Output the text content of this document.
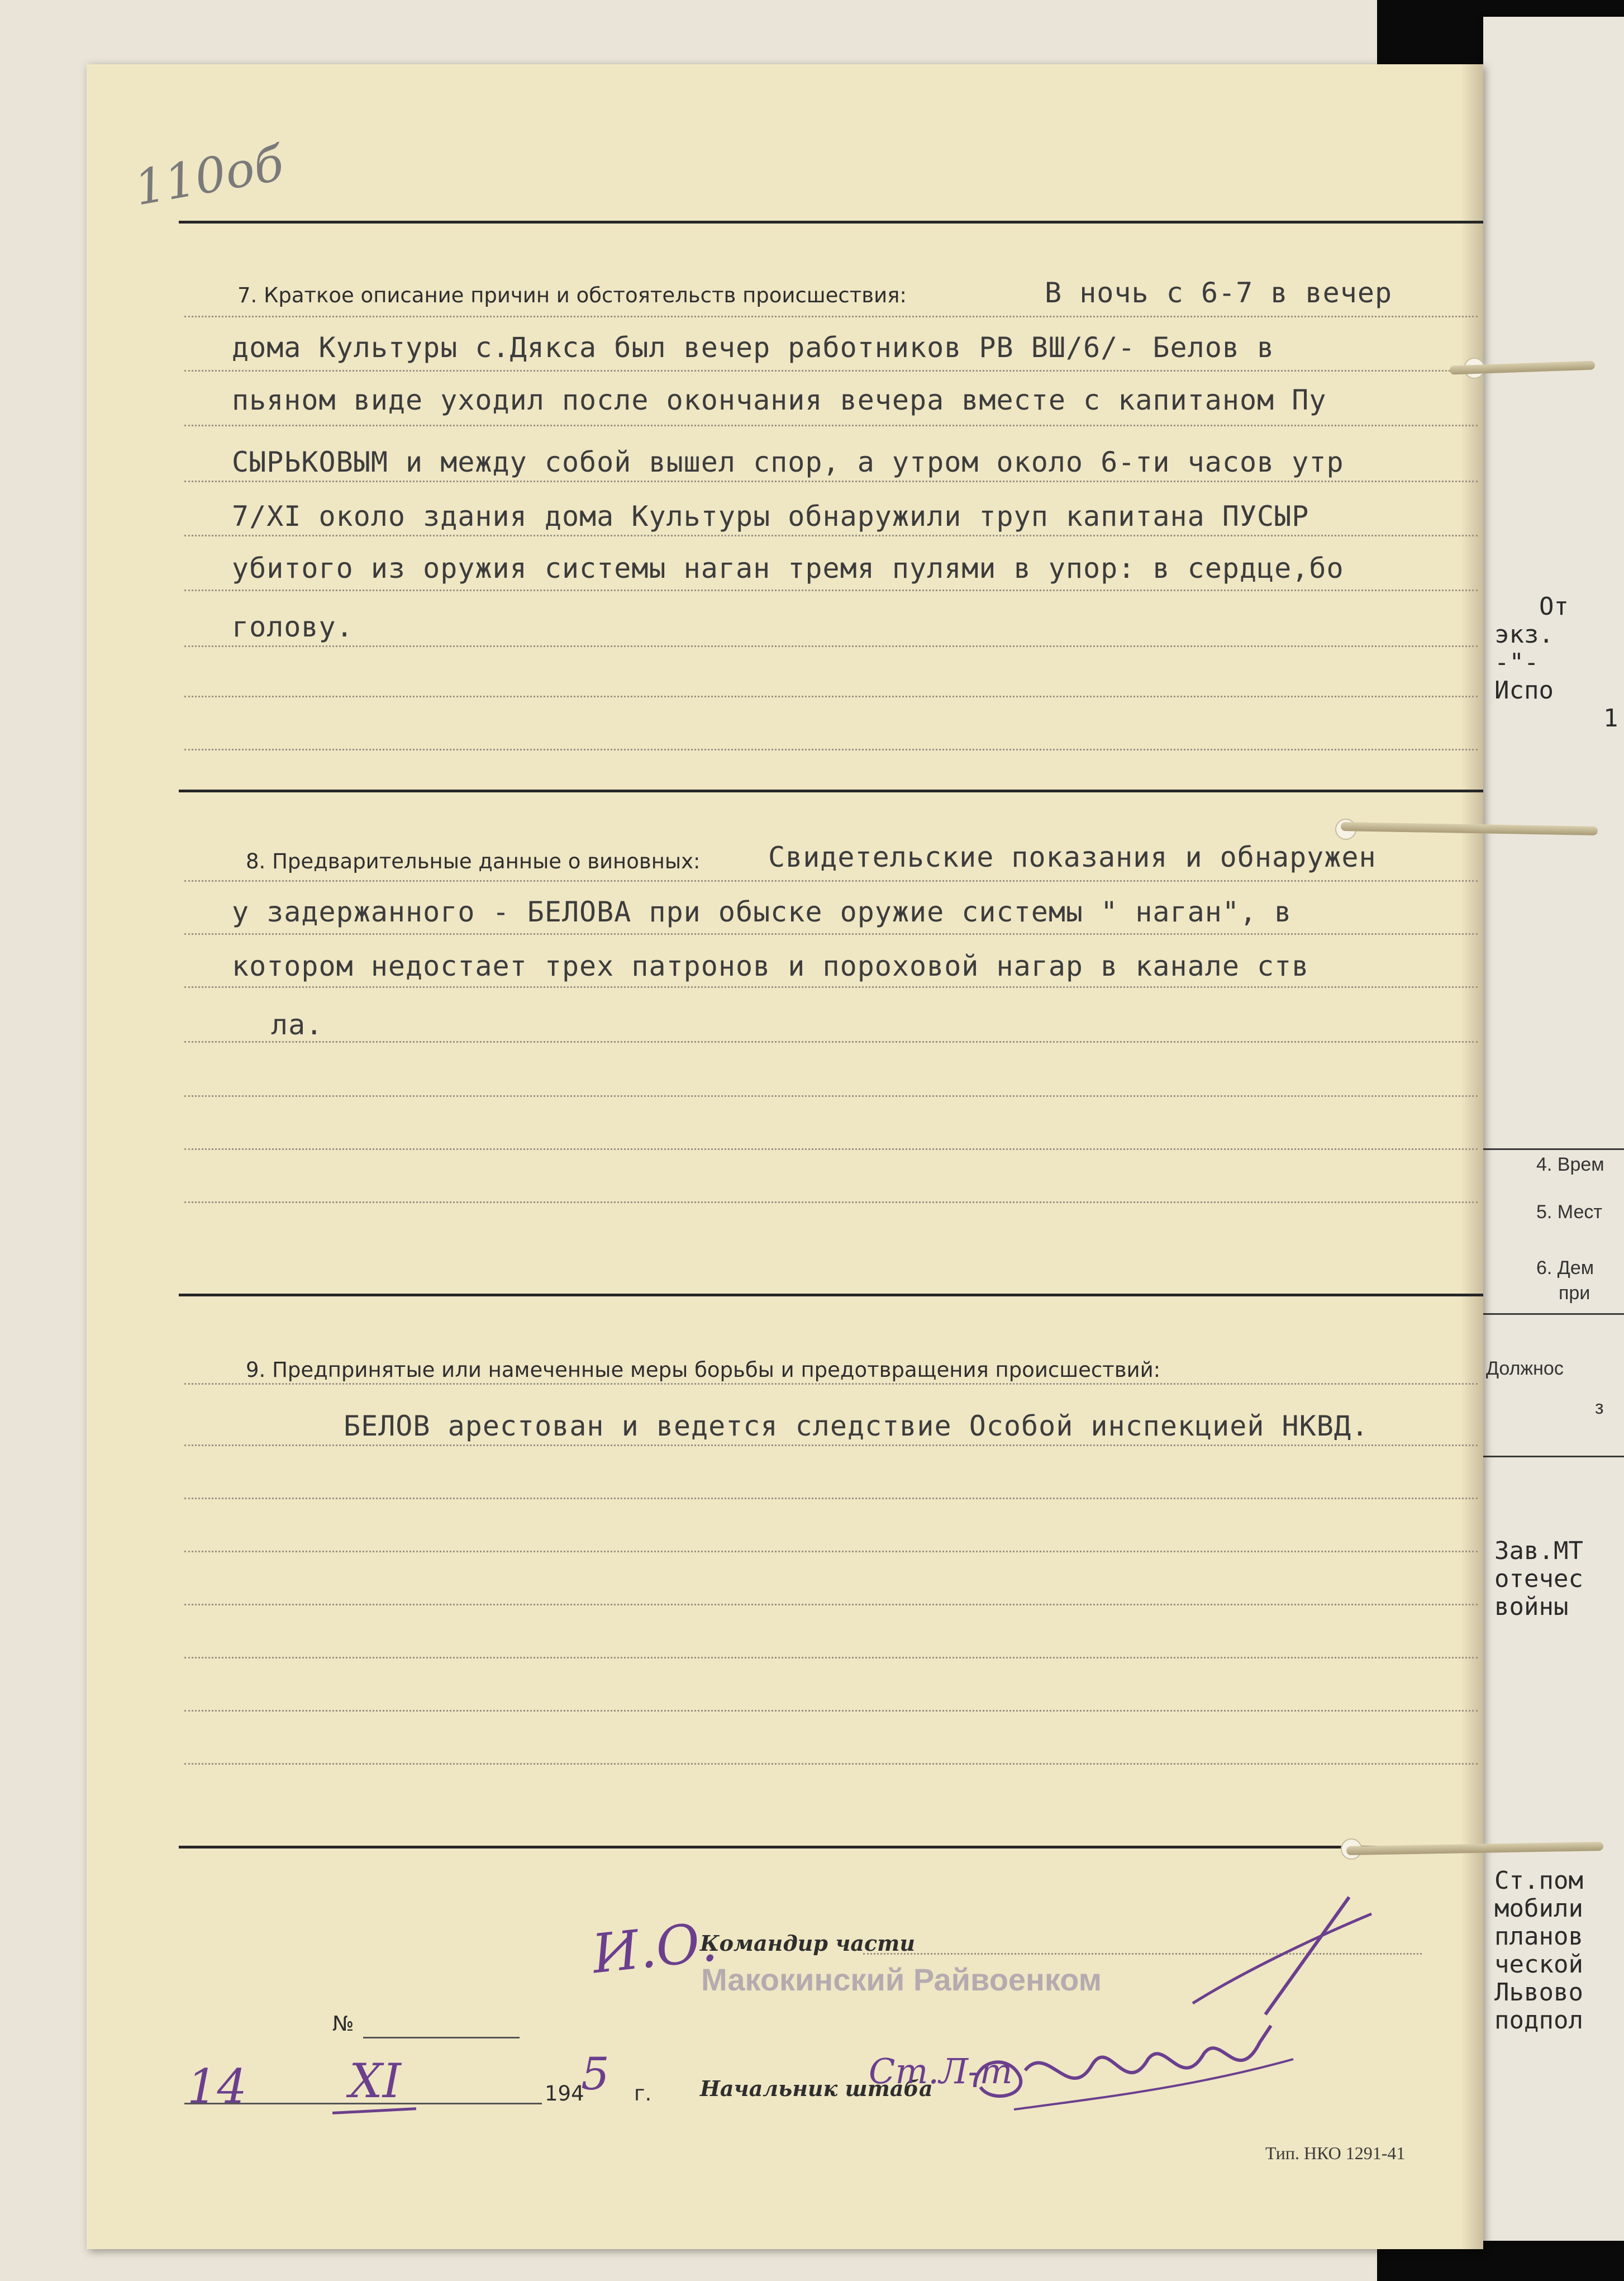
От
экз.
-"-
Испо
1
4. Врем
5. Мест
6. Дем
при
Должнос
з
Зав.МТ
отечес
войны
Ст.пом
мобили
планов
ческой
Львово
подпол
110об
7. Краткое описание причин и обстоятельств происшествия:	В ночь с 6-7 в вечер
дома Культуры с.Дякса был вечер работников РВ ВШ/6/- Белов в
пьяном виде уходил после окончания вечера вместе с капитаном Пу
СЫРЬКОВЫМ и между собой вышел спор, а утром около 6-ти часов утр
7/XI около здания дома Культуры обнаружили труп капитана ПУСЫР
убитого из оружия системы наган тремя пулями в упор: в сердце,бо
голову.
8. Предварительные данные о виновных: Свидетельские показания и обнаружен
у задержанного - БЕЛОВА при обыске оружие системы " наган", в
котором недостает трех патронов и пороховой нагар в канале ств
ла.
9. Предпринятые или намеченные меры борьбы и предотвращения происшествий:
БЕЛОВ арестован и ведется следствие Особой инспекцией НКВД.
И.О.
Командир части
Макокинский Райвоенком
№
14 XI	194
5 г. Начальник штаба
Ст.Л-т
Тип. НКО 1291-41
